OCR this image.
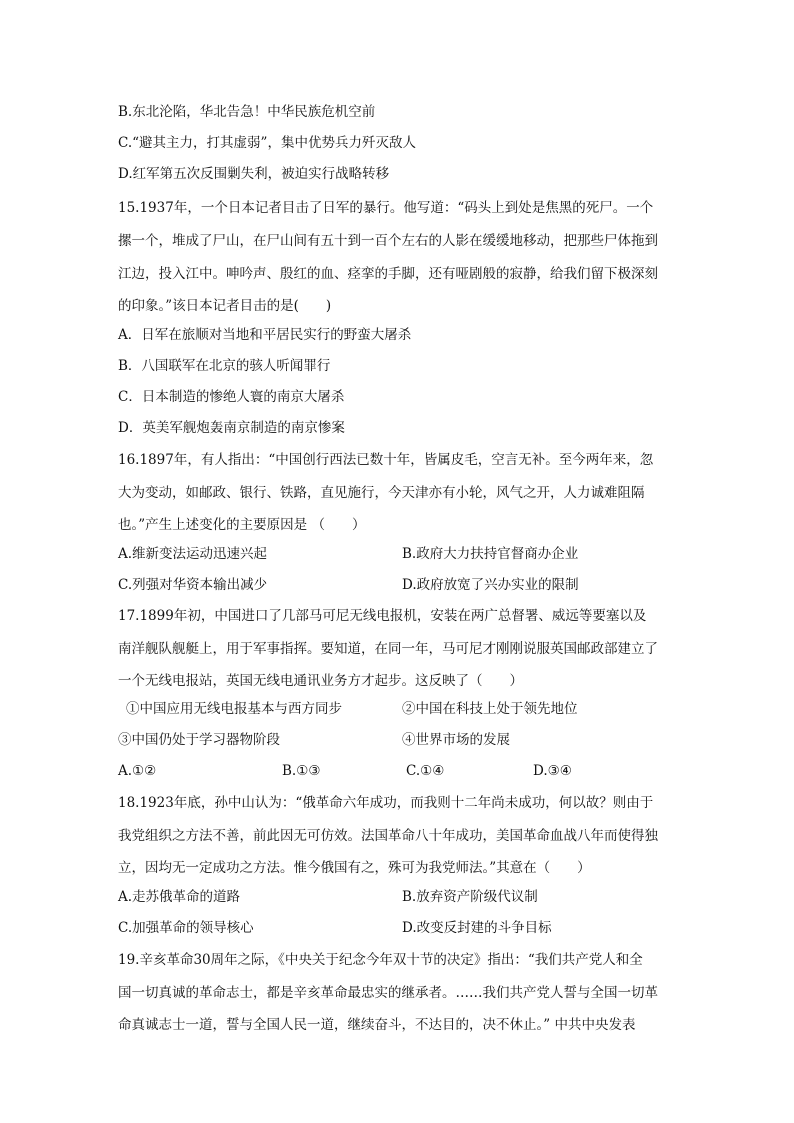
B.东北沦陷，华北告急！中华民族危机空前
C.“避其主力，打其虚弱”，集中优势兵力歼灭敌人
D.红军第五次反围剿失利，被迫实行战略转移
15.1937年，一个日本记者目击了日军的暴行。他写道：“码头上到处是焦黑的死尸。一个
摞一个，堆成了尸山，在尸山间有五十到一百个左右的人影在缓缓地移动，把那些尸体拖到
江边，投入江中。呻吟声、殷红的血、痉挛的手脚，还有哑剧般的寂静，给我们留下极深刻
的印象。”该日本记者目击的是(　　)
A．日军在旅顺对当地和平居民实行的野蛮大屠杀
B．八国联军在北京的骇人听闻罪行
C．日本制造的惨绝人寰的南京大屠杀
D．英美军舰炮轰南京制造的南京惨案
16.1897年，有人指出：“中国创行西法已数十年，皆属皮毛，空言无补。至今两年来，忽
大为变动，如邮政、银行、铁路，直见施行，今天津亦有小轮，风气之开，人力诚难阻隔
也。”产生上述变化的主要原因是 （　　）
A.维新变法运动迅速兴起	B.政府大力扶持官督商办企业
C.列强对华资本输出减少	D.政府放宽了兴办实业的限制
17.1899年初，中国进口了几部马可尼无线电报机，安装在两广总督署、威远等要塞以及
南洋舰队舰艇上，用于军事指挥。要知道，在同一年，马可尼才刚刚说服英国邮政部建立了
一个无线电报站，英国无线电通讯业务方才起步。这反映了（　　）
①中国应用无线电报基本与西方同步	②中国在科技上处于领先地位
③中国仍处于学习器物阶段	④世界市场的发展
A.①②	B.①③	C.①④	D.③④
18.1923年底，孙中山认为：“俄革命六年成功，而我则十二年尚未成功，何以故？则由于
我党组织之方法不善，前此因无可仿效。法国革命八十年成功，美国革命血战八年而使得独
立，因均无一定成功之方法。惟今俄国有之，殊可为我党师法。”其意在（　　）
A.走苏俄革命的道路	B.放弃资产阶级代议制
C.加强革命的领导核心	D.改变反封建的斗争目标
19.辛亥革命30周年之际，《中央关于纪念今年双十节的决定》指出：“我们共产党人和全
国一切真诚的革命志士，都是辛亥革命最忠实的继承者。……我们共产党人誓与全国一切革
命真诚志士一道，誓与全国人民一道，继续奋斗，不达目的，决不休止。” 中共中央发表
